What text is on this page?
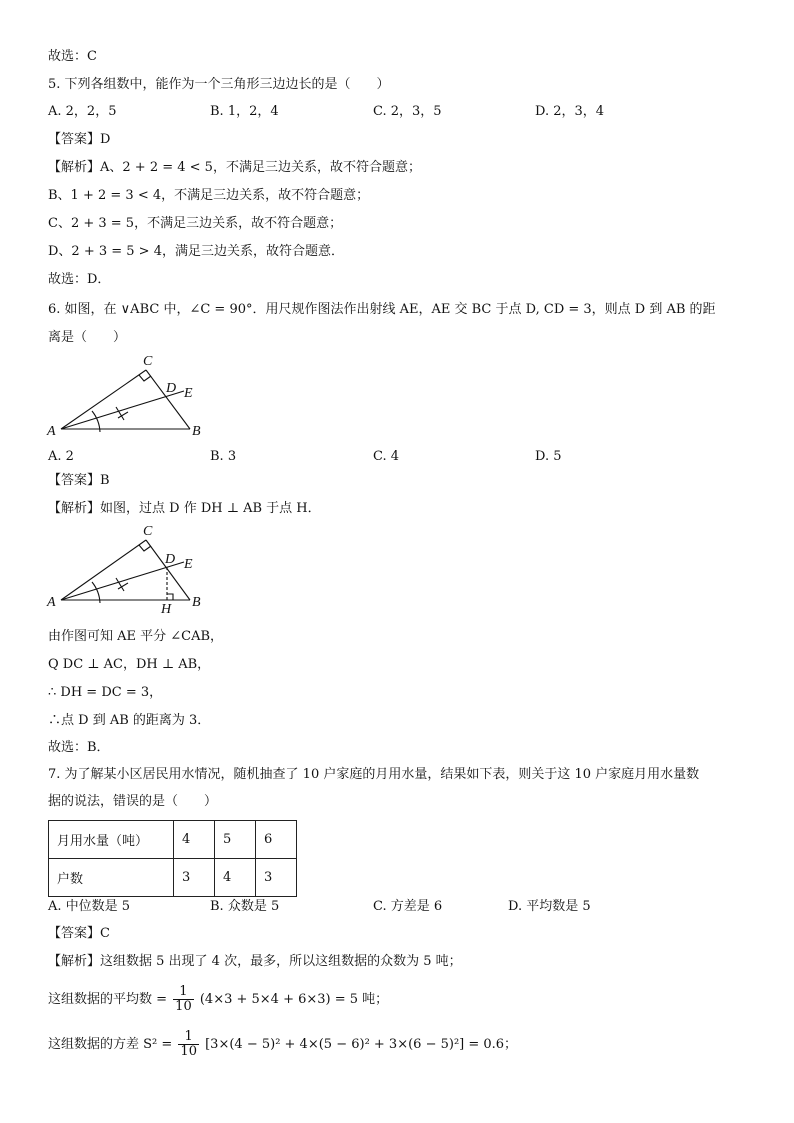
故选：C
5. 下列各组数中，能作为一个三角形三边边长的是（　　）
A. 2，2，5	B. 1，2，4	C. 2，3，5	D. 2，3，4
【答案】D
【解析】A、2 + 2 = 4 < 5，不满足三边关系，故不符合题意；
B、1 + 2 = 3 < 4，不满足三边关系，故不符合题意；
C、2 + 3 = 5，不满足三边关系，故不符合题意；
D、2 + 3 = 5 > 4，满足三边关系，故符合题意．
故选：D．
6. 如图，在 ∨ABC 中，∠C = 90°．用尺规作图法作出射线 AE，AE 交 BC 于点 D, CD = 3，则点 D 到 AB 的距
离是（　　）
A	B
C
D E
A. 2	B. 3	C. 4	D. 5
【答案】B
【解析】如图，过点 D 作 DH ⊥ AB 于点 H．
A	B
C
D E
H
由作图可知 AE 平分 ∠CAB，
Q DC ⊥ AC，DH ⊥ AB，
∴ DH = DC = 3，
∴点 D 到 AB 的距离为 3．
故选：B．
7. 为了解某小区居民用水情况，随机抽查了 10 户家庭的月用水量，结果如下表，则关于这 10 户家庭月用水量数
据的说法，错误的是（　　）
月用水量（吨）	4	5	6
户数	3	4	3
A. 中位数是 5	B. 众数是 5	C. 方差是 6	D. 平均数是 5
【答案】C
【解析】这组数据 5 出现了 4 次，最多，所以这组数据的众数为 5 吨；
这组数据的平均数 = $\frac{1}{10} (4\times 3 + 5\times 4 + 6\times 3) = 5$ 吨；
这组数据的方差 $S^2 = \frac{1}{10} [3\times(4 - 5)^2 + 4\times(5 - 6)^2 + 3\times(6 - 5)^2] = 0.6$；
